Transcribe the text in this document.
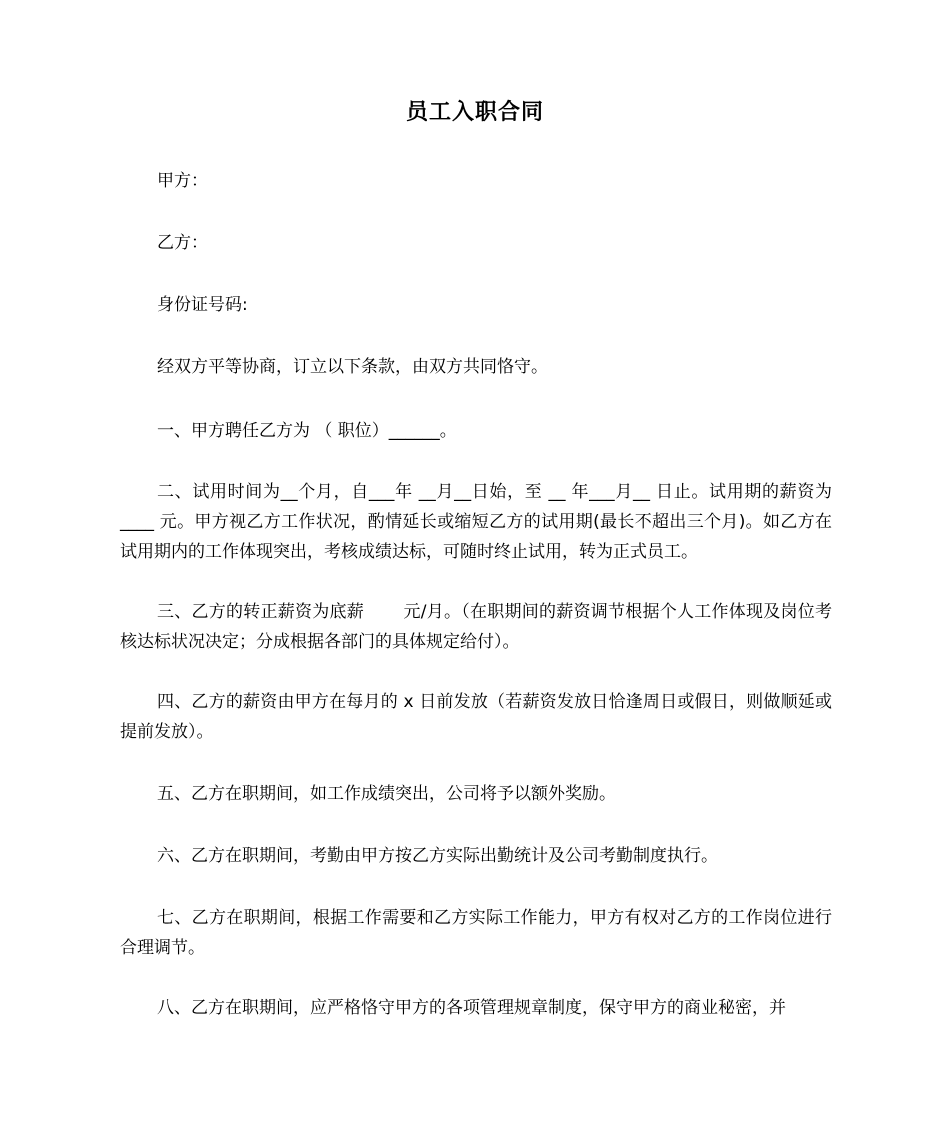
员工入职合同
甲方：
乙方：
身份证号码:
经双方平等协商，订立以下条款，由双方共同恪守。
一、甲方聘任乙方为 （ 职位）______。
二、试用时间为__个月，自___年 __月__日始，至 __ 年___月__ 日止。试用期的薪资为____ 元。甲方视乙方工作状况，酌情延长或缩短乙方的试用期(最长不超出三个月)。如乙方在试用期内的工作体现突出，考核成绩达标，可随时终止试用，转为正式员工。
三、乙方的转正薪资为底薪       元/月。（在职期间的薪资调节根据个人工作体现及岗位考核达标状况决定；分成根据各部门的具体规定给付）。
四、乙方的薪资由甲方在每月的 x 日前发放（若薪资发放日恰逢周日或假日，则做顺延或提前发放）。
五、乙方在职期间，如工作成绩突出，公司将予以额外奖励。
六、乙方在职期间，考勤由甲方按乙方实际出勤统计及公司考勤制度执行。
七、乙方在职期间，根据工作需要和乙方实际工作能力，甲方有权对乙方的工作岗位进行合理调节。
八、乙方在职期间，应严格恪守甲方的各项管理规章制度，保守甲方的商业秘密，并
